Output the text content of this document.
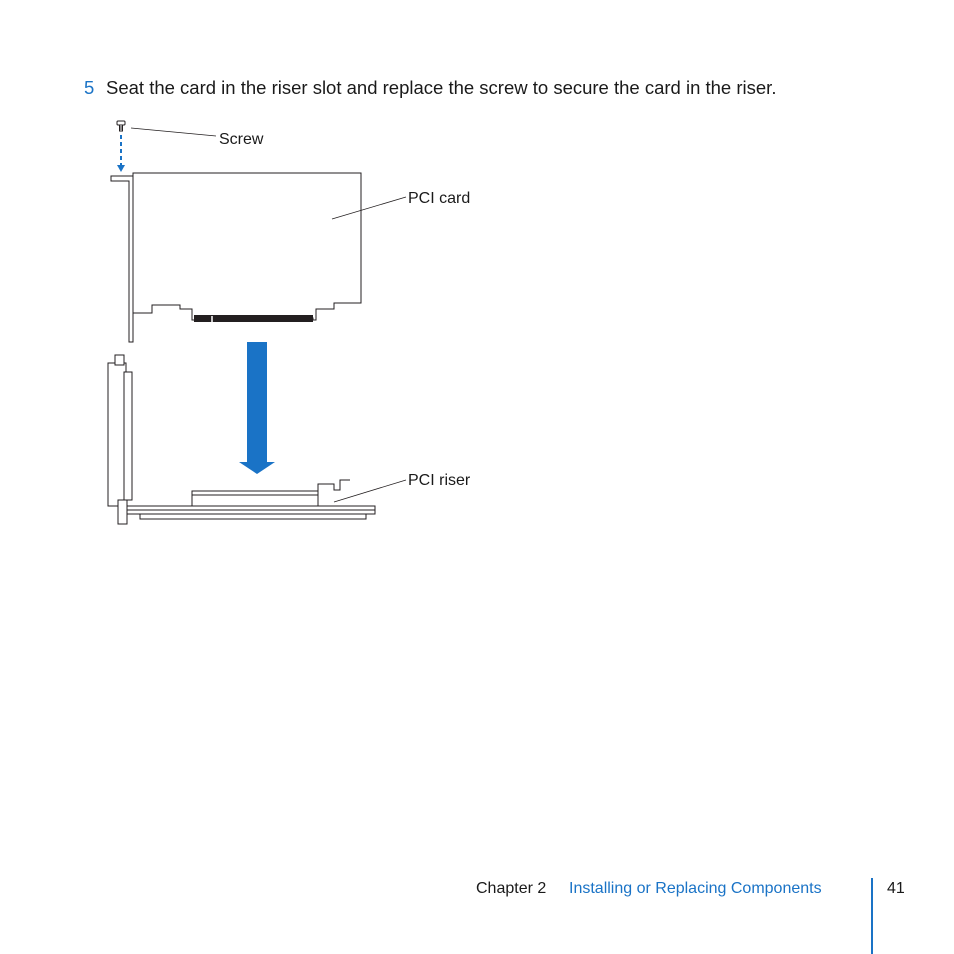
5 Seat the card in the riser slot and replace the screw to secure the card in the riser.
Screw
PCI card
PCI riser
Chapter 2 Installing or Replacing Components	41
